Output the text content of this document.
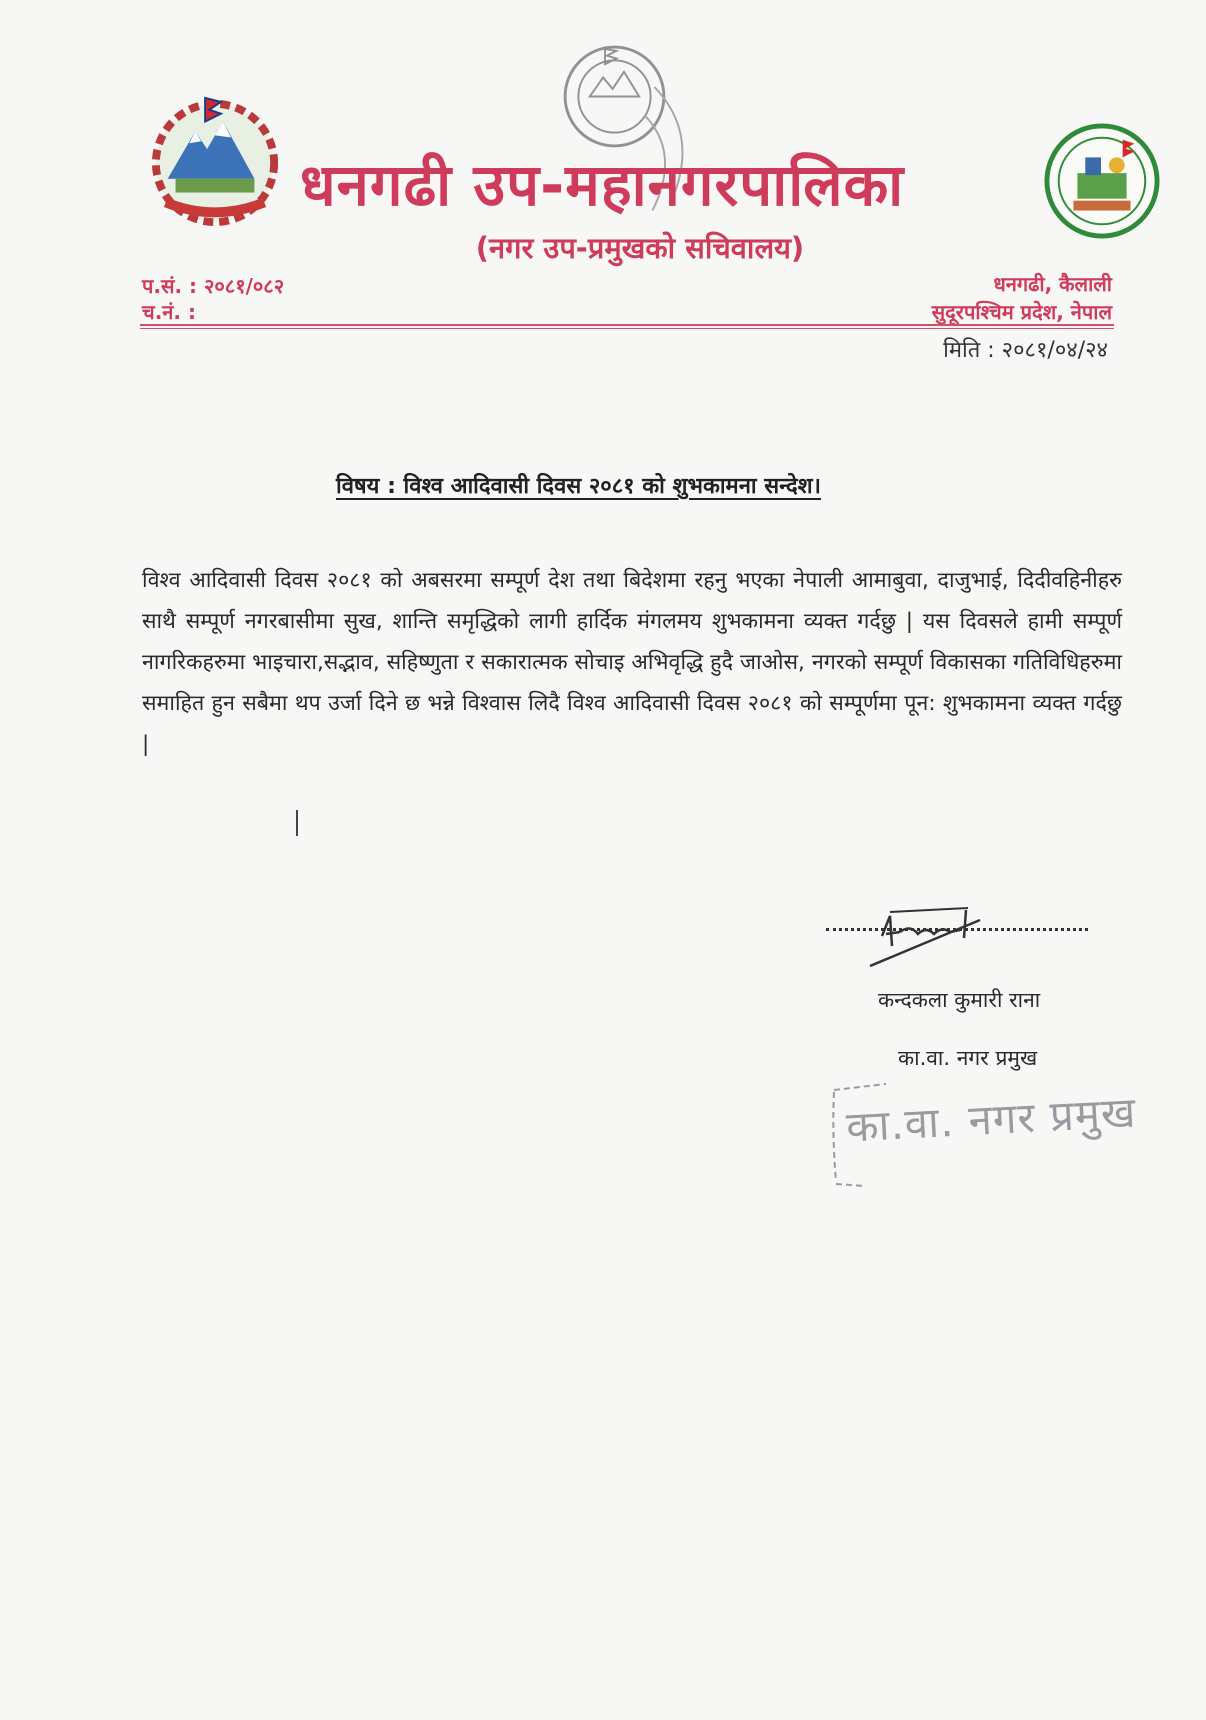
धनगढी उप-महानगरपालिका
(नगर उप-प्रमुखको सचिवालय)
प.सं. : २०८१/०८२
च.नं. :
धनगढी, कैलाली
सुदूरपश्चिम प्रदेश, नेपाल
मिति : २०८१/०४/२४
विषय : विश्व आदिवासी दिवस २०८१ को शुभकामना सन्देश।
विश्व आदिवासी दिवस २०८१ को अबसरमा सम्पूर्ण देश तथा बिदेशमा रहनु भएका नेपाली आमाबुवा, दाजुभाई, दिदीवहिनीहरु साथै सम्पूर्ण नगरबासीमा सुख, शान्ति समृद्धिको लागी हार्दिक मंगलमय शुभकामना व्यक्त गर्दछु | यस दिवसले हामी सम्पूर्ण नागरिकहरुमा भाइचारा,सद्भाव, सहिष्णुता र सकारात्मक सोचाइ अभिवृद्धि हुदै जाओस, नगरको सम्पूर्ण विकासका गतिविधिहरुमा समाहित हुन सबैमा थप उर्जा दिने छ भन्ने विश्वास लिदै विश्व आदिवासी दिवस २०८१ को सम्पूर्णमा पून: शुभकामना व्यक्त गर्दछु |
कन्दकला कुमारी राना
का.वा. नगर प्रमुख
का.वा. नगर प्रमुख
